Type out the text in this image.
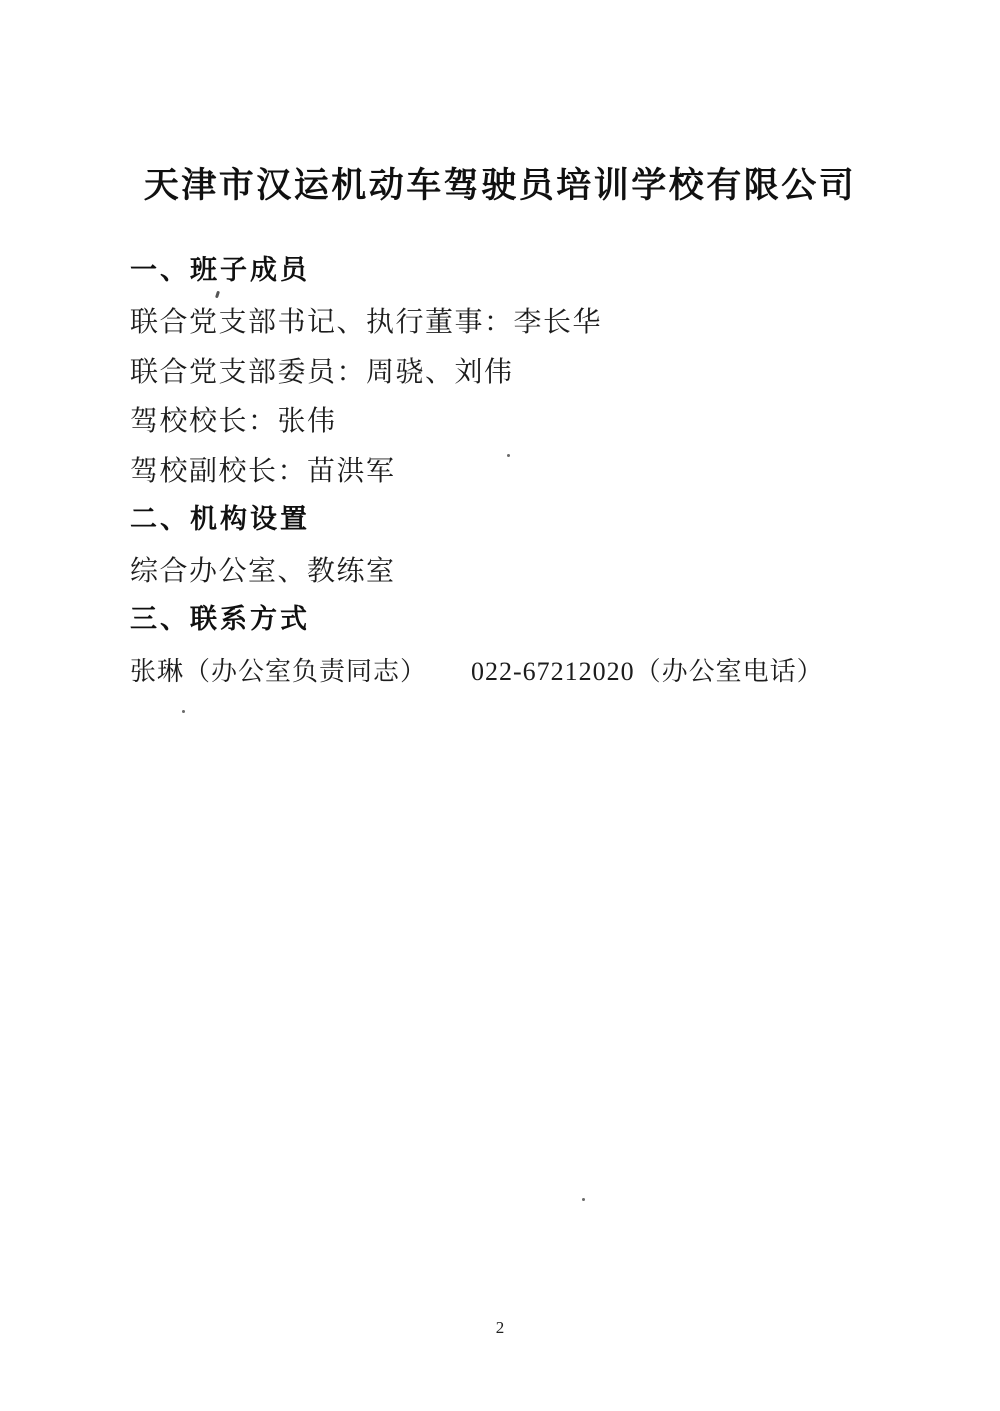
天津市汉运机动车驾驶员培训学校有限公司
一、班子成员
联合党支部书记、执行董事：李长华
联合党支部委员：周骁、刘伟
驾校校长：张伟
驾校副校长：苗洪军
二、机构设置
综合办公室、教练室
三、联系方式
张琳（办公室负责同志） 022-67212020（办公室电话）
2
